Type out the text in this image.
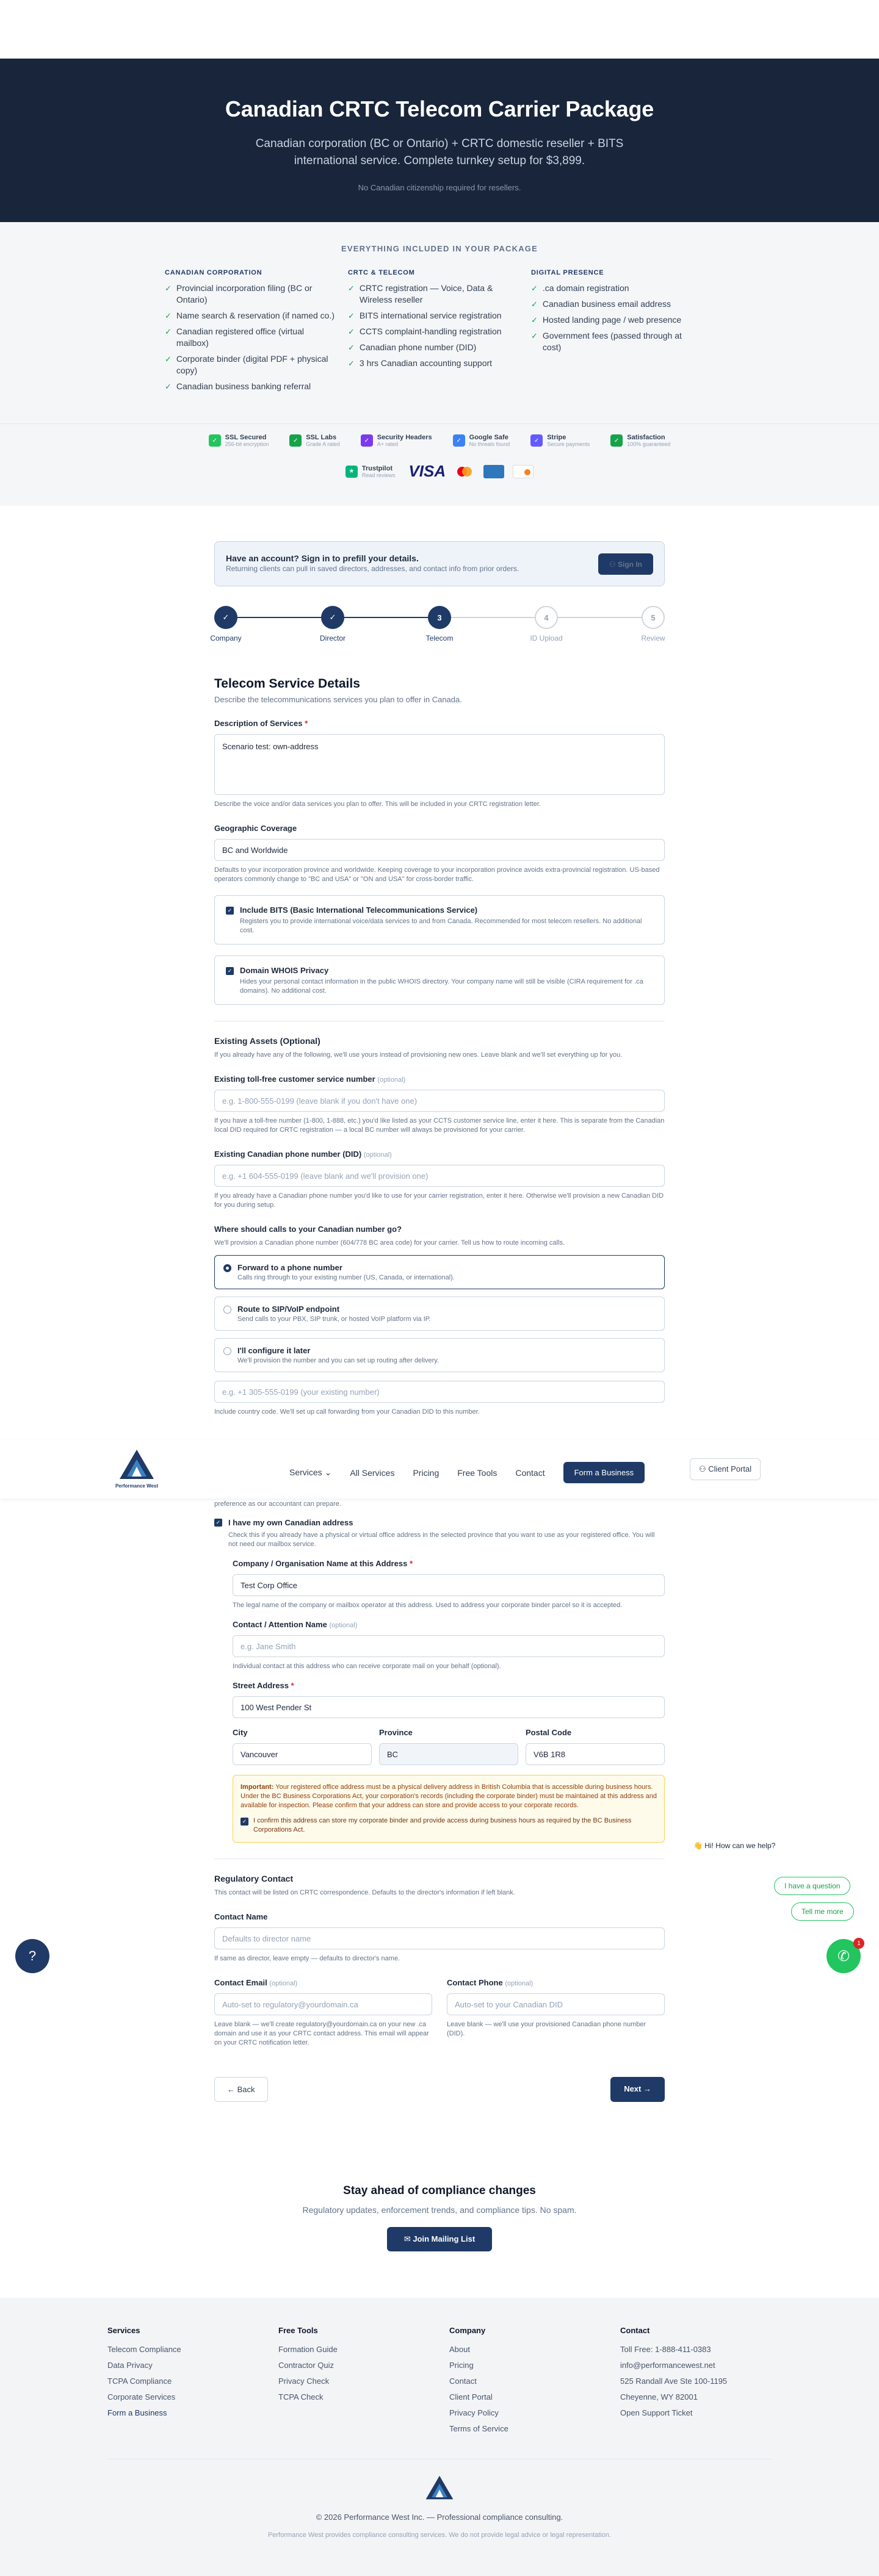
Canadian CRTC Telecom Carrier Package
Canadian corporation (BC or Ontario) + CRTC domestic reseller + BITS international service. Complete turnkey setup for $3,899.
No Canadian citizenship required for resellers.
EVERYTHING INCLUDED IN YOUR PACKAGE
CANADIAN CORPORATION
✓ Provincial incorporation filing (BC or Ontario)
✓ Name search & reservation (if named co.)
✓ Canadian registered office (virtual mailbox)
✓ Corporate binder (digital PDF + physical copy)
✓ Canadian business banking referral
CRTC & TELECOM
✓ CRTC registration — Voice, Data & Wireless reseller
✓ BITS international service registration
✓ CCTS complaint-handling registration
✓ Canadian phone number (DID)
✓ 3 hrs Canadian accounting support
DIGITAL PRESENCE
✓ .ca domain registration
✓ Canadian business email address
✓ Hosted landing page / web presence
✓ Government fees (passed through at cost)
✓	SSL Secured
256-bit encryption
✓	SSL Labs
Grade A rated
✓	Security Headers
A+ rated
✓	Google Safe
No threats found
✓	Stripe
Secure payments
✓	Satisfaction
100% guaranteed
★	Trustpilot
Read reviews VISA
Have an account? Sign in to prefill your details.
Returning clients can pull in saved directors, addresses, and contact info from prior orders.
⚇ Sign In
✓
Company
✓
Director
3
Telecom
4
ID Upload
5
Review
Telecom Service Details
Describe the telecommunications services you plan to offer in Canada.
Description of Services *
Scenario test: own-address
Describe the voice and/or data services you plan to offer. This will be included in your CRTC registration letter.
Geographic Coverage
BC and Worldwide
Defaults to your incorporation province and worldwide. Keeping coverage to your incorporation province avoids extra-provincial registration. US-based operators commonly change to "BC and USA" or "ON and USA" for cross-border traffic.
✓ Include BITS (Basic International Telecommunications Service)
Registers you to provide international voice/data services to and from Canada. Recommended for most telecom resellers. No additional cost.
✓ Domain WHOIS Privacy
Hides your personal contact information in the public WHOIS directory. Your company name will still be visible (CIRA requirement for .ca domains). No additional cost.
Existing Assets (Optional)
If you already have any of the following, we'll use yours instead of provisioning new ones. Leave blank and we'll set everything up for you.
Existing toll-free customer service number (optional)
e.g. 1-800-555-0199 (leave blank if you don't have one)
If you have a toll-free number (1-800, 1-888, etc.) you'd like listed as your CCTS customer service line, enter it here. This is separate from the Canadian local DID required for CRTC registration — a local BC number will always be provisioned for your carrier.
Existing Canadian phone number (DID) (optional)
e.g. +1 604-555-0199 (leave blank and we'll provision one)
If you already have a Canadian phone number you'd like to use for your carrier registration, enter it here. Otherwise we'll provision a new Canadian DID for you during setup.
Where should calls to your Canadian number go?
We'll provision a Canadian phone number (604/778 BC area code) for your carrier. Tell us how to route incoming calls.
Forward to a phone number
Calls ring through to your existing number (US, Canada, or international).
Route to SIP/VoIP endpoint
Send calls to your PBX, SIP trunk, or hosted VoIP platform via IP.
I'll configure it later
We'll provision the number and you can set up routing after delivery.
e.g. +1 305-555-0199 (your existing number)
Include country code. We'll set up call forwarding from your Canadian DID to this number.
Performance West
Services ⌄ All Services Pricing Free Tools Contact	Form a Business	⚇ Client Portal
preference as our accountant can prepare.
✓ I have my own Canadian address
Check this if you already have a physical or virtual office address in the selected province that you want to use as your registered office. You will not need our mailbox service.
Company / Organisation Name at this Address *
Test Corp Office
The legal name of the company or mailbox operator at this address. Used to address your corporate binder parcel so it is accepted.
Contact / Attention Name (optional)
e.g. Jane Smith
Individual contact at this address who can receive corporate mail on your behalf (optional).
Street Address *
100 West Pender St
City
Vancouver
Province
BC
Postal Code
V6B 1R8
Important: Your registered office address must be a physical delivery address in British Columbia that is accessible during business hours. Under the BC Business Corporations Act, your corporation's records (including the corporate binder) must be maintained at this address and available for inspection. Please confirm that your address can store and provide access to your corporate records.
✓ I confirm this address can store my corporate binder and provide access during business hours as required by the BC Business Corporations Act.
Regulatory Contact
This contact will be listed on CRTC correspondence. Defaults to the director's information if left blank.
Contact Name
Defaults to director name
If same as director, leave empty — defaults to director's name.
Contact Email (optional)
Auto-set to regulatory@yourdomain.ca
Leave blank — we'll create regulatory@yourdomain.ca on your new .ca domain and use it as your CRTC contact address. This email will appear on your CRTC notification letter.
Contact Phone (optional)
Auto-set to your Canadian DID
Leave blank — we'll use your provisioned Canadian phone number (DID).
← Back	Next →
👋 Hi! How can we help?
I have a question
Tell me more
✆
1
?
Stay ahead of compliance changes

Regulatory updates, enforcement trends, and compliance tips. No spam.

✉ Join Mailing List
Services
Telecom Compliance
Data Privacy
TCPA Compliance
Corporate Services
Form a Business
Free Tools
Formation Guide
Contractor Quiz
Privacy Check
TCPA Check
Company
About
Pricing
Contact
Client Portal
Privacy Policy
Terms of Service
Contact
Toll Free: 1-888-411-0383
info@performancewest.net
525 Randall Ave Ste 100-1195
Cheyenne, WY 82001
Open Support Ticket
© 2026 Performance West Inc. — Professional compliance consulting.
Performance West provides compliance consulting services. We do not provide legal advice or legal representation.
